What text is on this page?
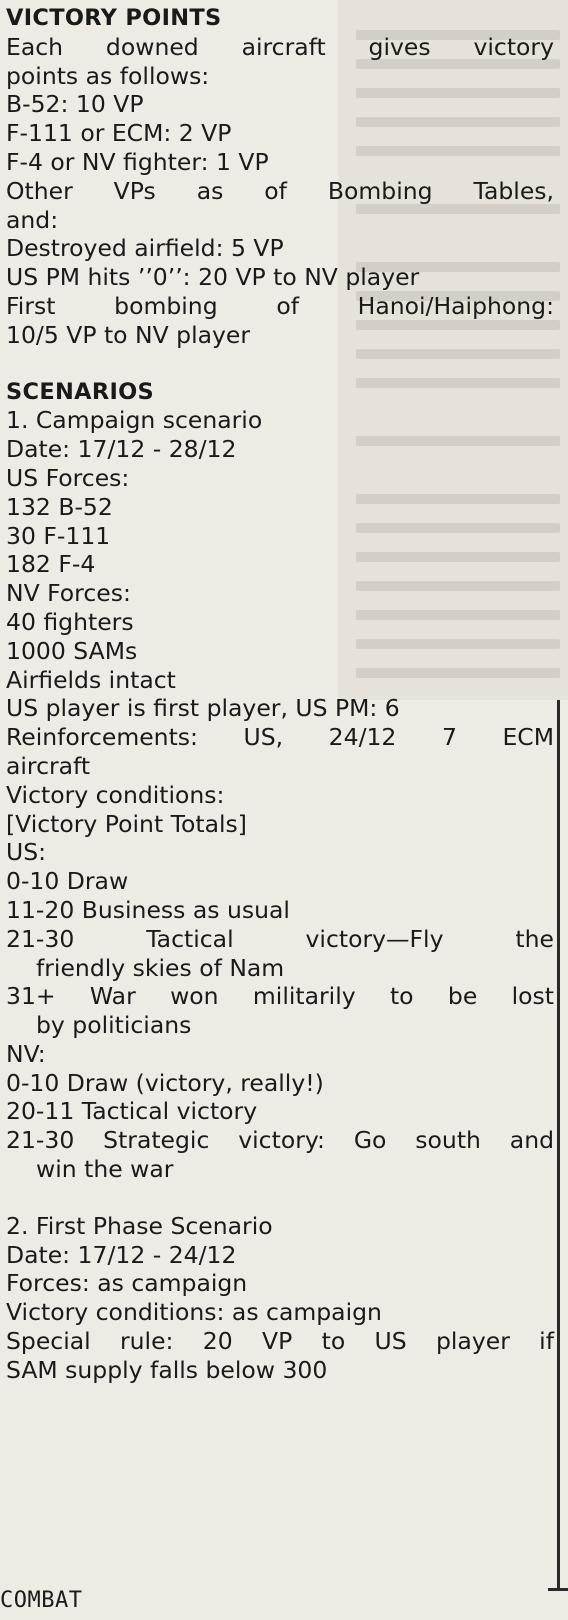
VICTORY POINTS
Each downed aircraft gives victory
points as follows:
B-52: 10 VP
F-111 or ECM: 2 VP
F-4 or NV fighter: 1 VP
Other VPs as of Bombing Tables,
and:
Destroyed airfield: 5 VP
US PM hits ’’0’’: 20 VP to NV player
First bombing of Hanoi/Haiphong:
10/5 VP to NV player
SCENARIOS
1. Campaign scenario
Date: 17/12 - 28/12
US Forces:
132 B-52
30 F-111
182 F-4
NV Forces:
40 fighters
1000 SAMs
Airfields intact
US player is first player, US PM: 6
Reinforcements: US, 24/12 7 ECM
aircraft
Victory conditions:
[Victory Point Totals]
US:
0-10 Draw
11-20 Business as usual
21-30 Tactical victory—Fly the
friendly skies of Nam
31+ War won militarily to be lost
by politicians
NV:
0-10 Draw (victory, really!)
20-11 Tactical victory
21-30 Strategic victory: Go south and
win the war
2. First Phase Scenario
Date: 17/12 - 24/12
Forces: as campaign
Victory conditions: as campaign
Special rule: 20 VP to US player if
SAM supply falls below 300
COMBAT
